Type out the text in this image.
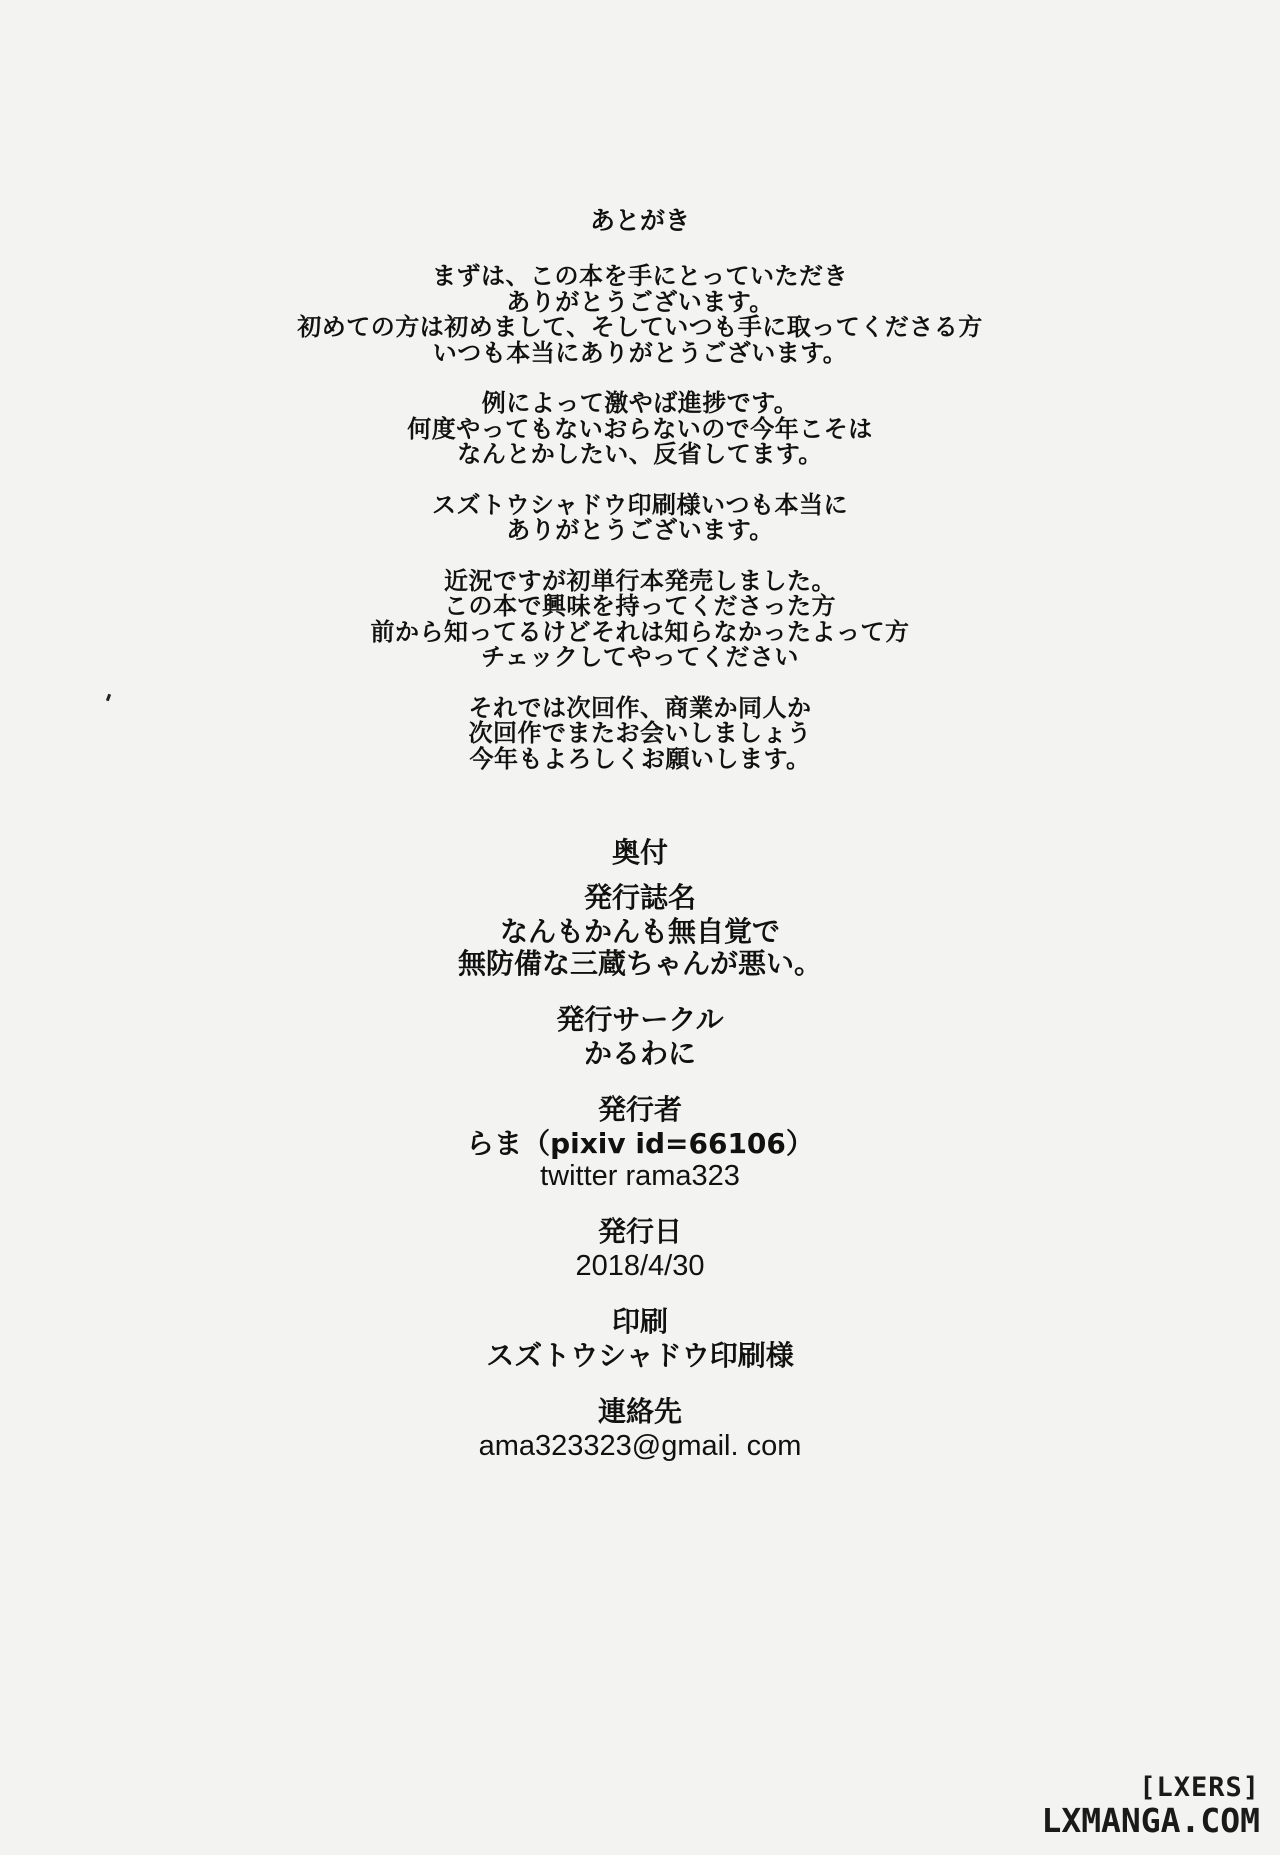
あとがき
まずは、この本を手にとっていただき
ありがとうございます。
初めての方は初めまして、そしていつも手に取ってくださる方
いつも本当にありがとうございます。
例によって激やば進捗です。
何度やってもないおらないので今年こそは
なんとかしたい、反省してます。
スズトウシャドウ印刷様いつも本当に
ありがとうございます。
近況ですが初単行本発売しました。
この本で興味を持ってくださった方
前から知ってるけどそれは知らなかったよって方
チェックしてやってください
それでは次回作、商業か同人か
次回作でまたお会いしましょう
今年もよろしくお願いします。
奥付
発行誌名
なんもかんも無自覚で
無防備な三蔵ちゃんが悪い。
発行サークル
かるわに
発行者
らま（pixiv id=66106）
twitter rama323
発行日
2018/4/30
印刷
スズトウシャドウ印刷様
連絡先
ama323323@gmail. com
[LXERS]
LXMANGA.COM
